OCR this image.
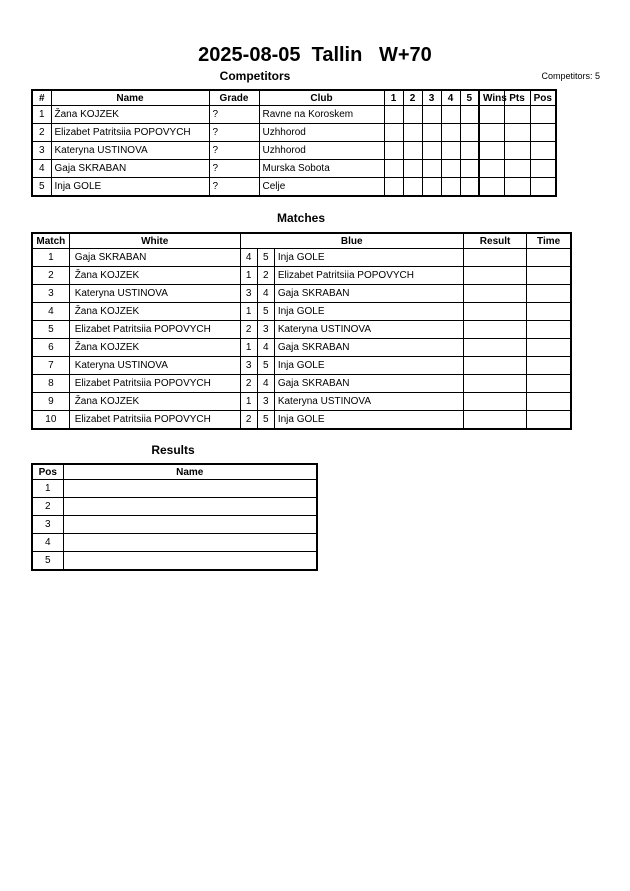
2025-08-05  Tallin   W+70
Competitors	Competitors: 5
#	Name	Grade	Club	1	2	3	4	5	Wins	Pts	Pos
1	Žana KOJZEK	?	Ravne na Koroskem								
2	Elizabet Patritsiia POPOVYCH	?	Uzhhorod								
3	Kateryna USTINOVA	?	Uzhhorod								
4	Gaja SKRABAN	?	Murska Sobota								
5	Inja GOLE	?	Celje								
Matches
Match	White	Blue			Result	Time
1	Gaja SKRABAN	4	5	Inja GOLE		
2	Žana KOJZEK	1	2	Elizabet Patritsiia POPOVYCH		
3	Kateryna USTINOVA	3	4	Gaja SKRABAN		
4	Žana KOJZEK	1	5	Inja GOLE		
5	Elizabet Patritsiia POPOVYCH	2	3	Kateryna USTINOVA		
6	Žana KOJZEK	1	4	Gaja SKRABAN		
7	Kateryna USTINOVA	3	5	Inja GOLE		
8	Elizabet Patritsiia POPOVYCH	2	4	Gaja SKRABAN		
9	Žana KOJZEK	1	3	Kateryna USTINOVA		
10	Elizabet Patritsiia POPOVYCH	2	5	Inja GOLE		
Results
Pos	Name
1	
2	
3	
4	
5	
